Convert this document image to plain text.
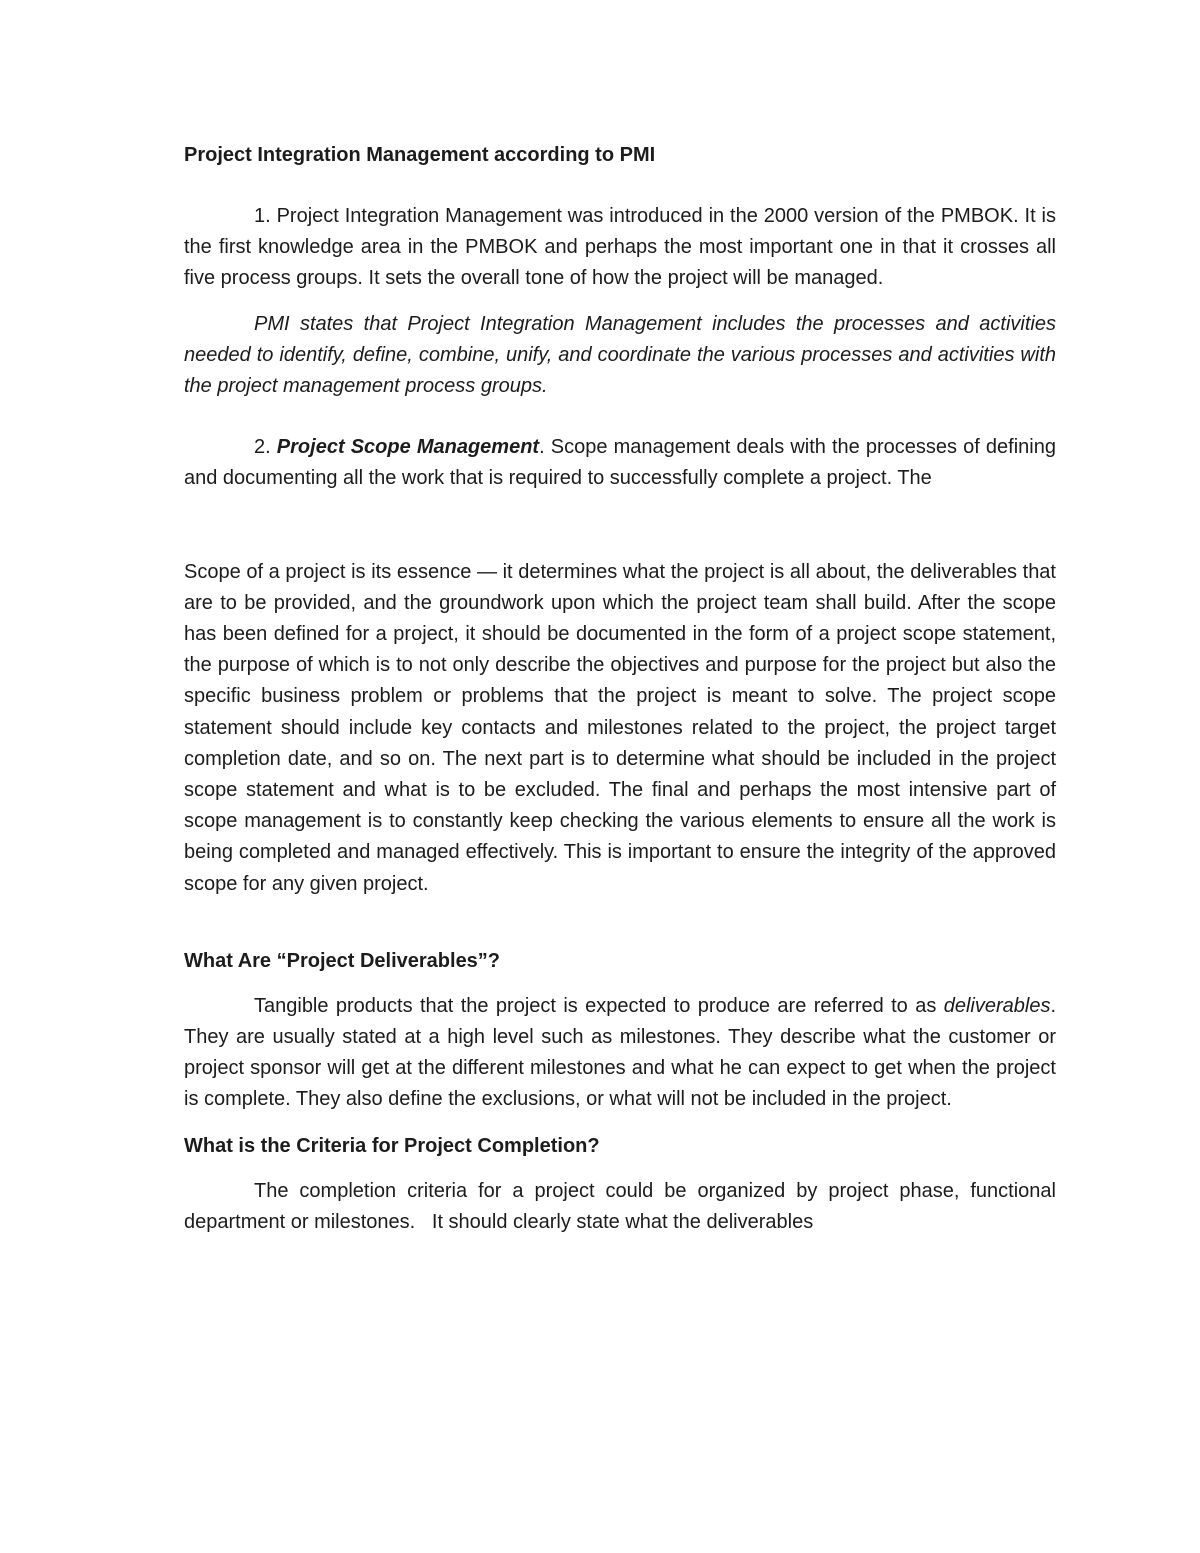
Project Integration Management according to PMI

1. Project Integration Management was introduced in the 2000 version of the PMBOK. It is the first knowledge area in the PMBOK and perhaps the most important one in that it crosses all five process groups. It sets the overall tone of how the project will be managed.

PMI states that Project Integration Management includes the processes and activities needed to identify, define, combine, unify, and coordinate the various processes and activities with the project management process groups.

2. Project Scope Management. Scope management deals with the processes of defining and documenting all the work that is required to successfully complete a project. The

Scope of a project is its essence — it determines what the project is all about, the deliverables that are to be provided, and the groundwork upon which the project team shall build. After the scope has been defined for a project, it should be documented in the form of a project scope statement, the purpose of which is to not only describe the objectives and purpose for the project but also the specific business problem or problems that the project is meant to solve. The project scope statement should include key contacts and milestones related to the project, the project target completion date, and so on. The next part is to determine what should be included in the project scope statement and what is to be excluded. The final and perhaps the most intensive part of scope management is to constantly keep checking the various elements to ensure all the work is being completed and managed effectively. This is important to ensure the integrity of the approved scope for any given project.

What Are “Project Deliverables”?

Tangible products that the project is expected to produce are referred to as deliverables. They are usually stated at a high level such as milestones. They describe what the customer or project sponsor will get at the different milestones and what he can expect to get when the project is complete. They also define the exclusions, or what will not be included in the project.

What is the Criteria for Project Completion?

The completion criteria for a project could be organized by project phase, functional department or milestones.   It should clearly state what the deliverables
